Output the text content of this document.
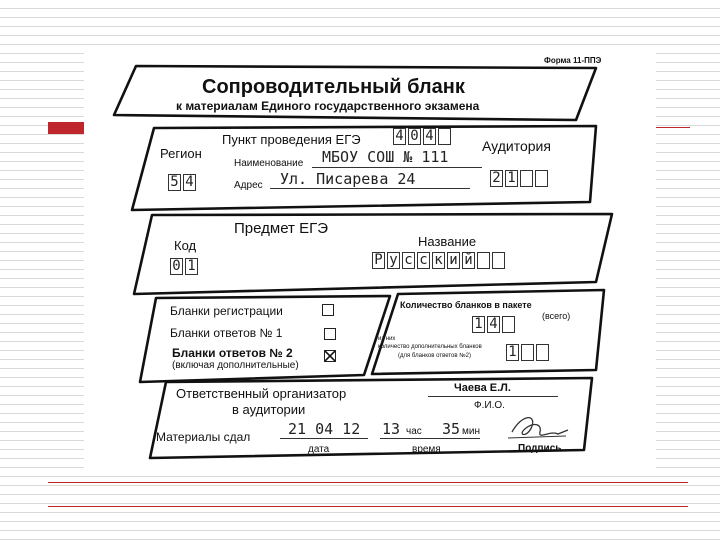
Форма 11-ППЭ
Сопроводительный бланк
к материалам Единого государственного экзамена
Регион
5 4
Пункт проведения ЕГЭ 4 0 4
Наименование МБОУ СОШ № 111
Адрес Ул. Писарева 24
Аудитория
2 1
Предмет ЕГЭ
Код
0 1
Название
Р у с с к и й
Бланки регистрации
Бланки ответов № 1
Бланки ответов № 2
(включая дополнительные)
Количество бланков в пакете
(всего)
1 4
из них
количество дополнительных бланков
(для бланков ответов №2)	1
Ответственный организатор
в аудитории
Чаева Е.Л.
Ф.И.О.
Материалы сдал	21 04 12
дата
13 час 35 мин
время	Подпись
